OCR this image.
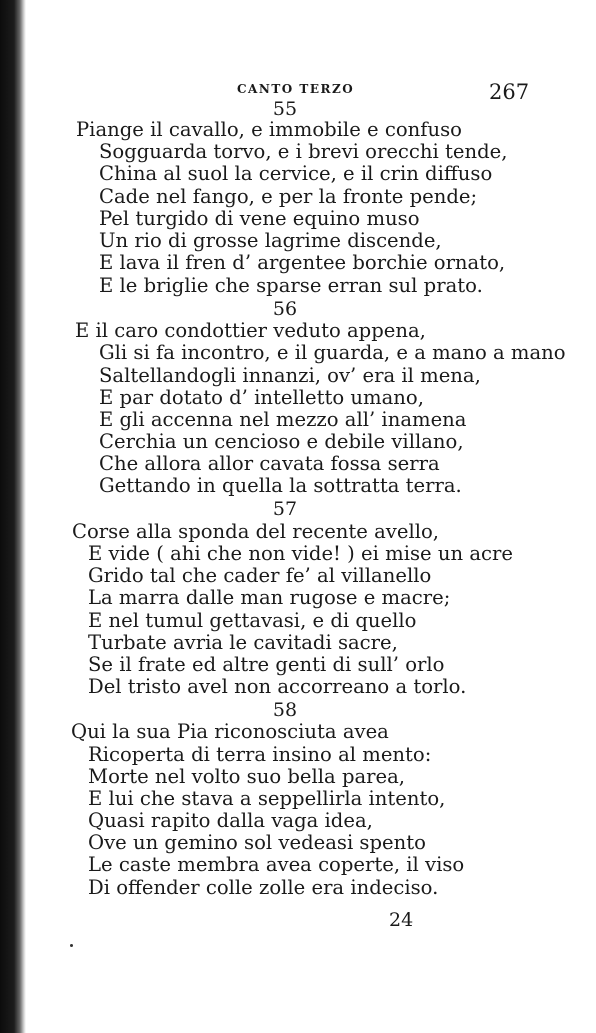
CANTO TERZO	267
55
Piange il cavallo, e immobile e confuso
Sogguarda torvo, e i brevi orecchi tende,
China al suol la cervice, e il crin diffuso
Cade nel fango, e per la fronte pende;
Pel turgido di vene equino muso
Un rio di grosse lagrime discende,
E lava il fren d’ argentee borchie ornato,
E le briglie che sparse erran sul prato.
56
E il caro condottier veduto appena,
Gli si fa incontro, e il guarda, e a mano a mano
Saltellandogli innanzi, ov’ era il mena,
E par dotato d’ intelletto umano,
E gli accenna nel mezzo all’ inamena
Cerchia un cencioso e debile villano,
Che allora allor cavata fossa serra
Gettando in quella la sottratta terra.
57
Corse alla sponda del recente avello,
E vide ( ahi che non vide! ) ei mise un acre
Grido tal che cader fe’ al villanello
La marra dalle man rugose e macre;
E nel tumul gettavasi, e di quello
Turbate avria le cavitadi sacre,
Se il frate ed altre genti di sull’ orlo
Del tristo avel non accorreano a torlo.
58
Qui la sua Pia riconosciuta avea
Ricoperta di terra insino al mento:
Morte nel volto suo bella parea,
E lui che stava a seppellirla intento,
Quasi rapito dalla vaga idea,
Ove un gemino sol vedeasi spento
Le caste membra avea coperte, il viso
Di offender colle zolle era indeciso.
24
